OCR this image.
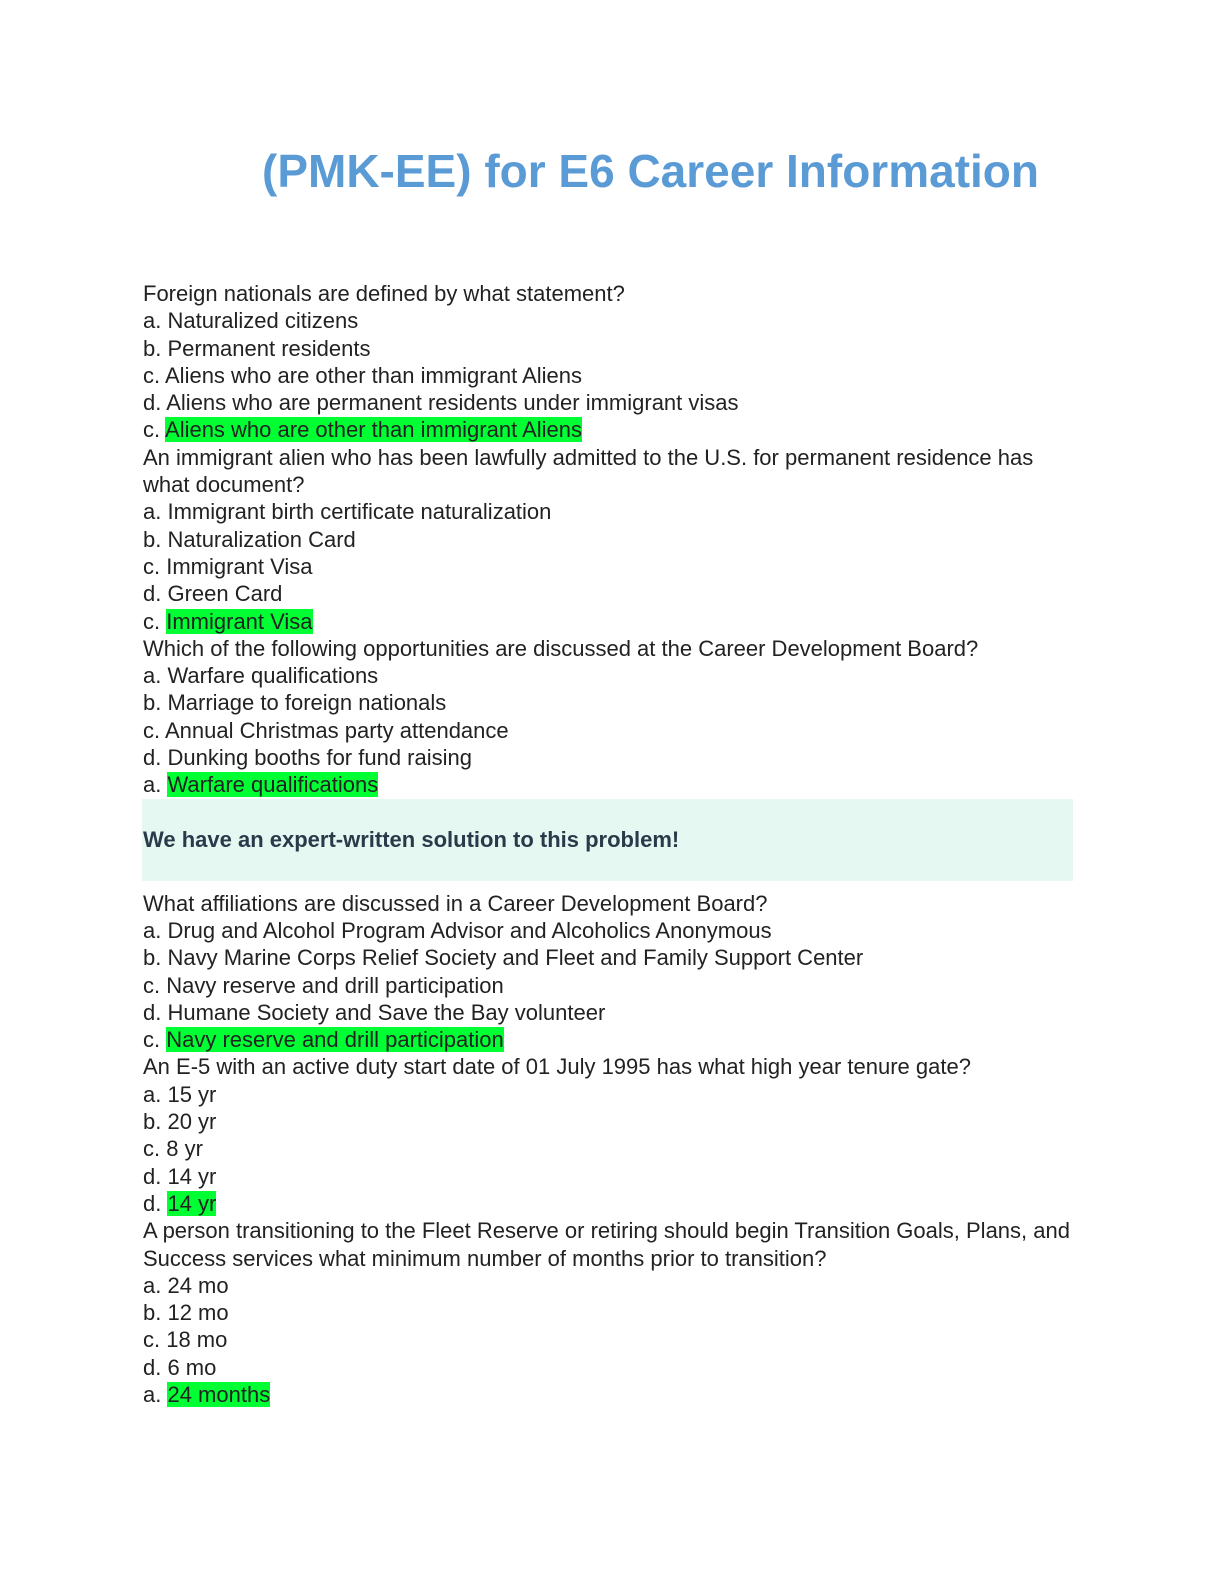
(PMK-EE) for E6 Career Information
Foreign nationals are defined by what statement?
a. Naturalized citizens
b. Permanent residents
c. Aliens who are other than immigrant Aliens
d. Aliens who are permanent residents under immigrant visas
c. Aliens who are other than immigrant Aliens
An immigrant alien who has been lawfully admitted to the U.S. for permanent residence has what document?
a. Immigrant birth certificate naturalization
b. Naturalization Card
c. Immigrant Visa
d. Green Card
c. Immigrant Visa
Which of the following opportunities are discussed at the Career Development Board?
a. Warfare qualifications
b. Marriage to foreign nationals
c. Annual Christmas party attendance
d. Dunking booths for fund raising
a. Warfare qualifications
We have an expert-written solution to this problem!
What affiliations are discussed in a Career Development Board?
a. Drug and Alcohol Program Advisor and Alcoholics Anonymous
b. Navy Marine Corps Relief Society and Fleet and Family Support Center
c. Navy reserve and drill participation
d. Humane Society and Save the Bay volunteer
c. Navy reserve and drill participation
An E-5 with an active duty start date of 01 July 1995 has what high year tenure gate?
a. 15 yr
b. 20 yr
c. 8 yr
d. 14 yr
d. 14 yr
A person transitioning to the Fleet Reserve or retiring should begin Transition Goals, Plans, and Success services what minimum number of months prior to transition?
a. 24 mo
b. 12 mo
c. 18 mo
d. 6 mo
a. 24 months
